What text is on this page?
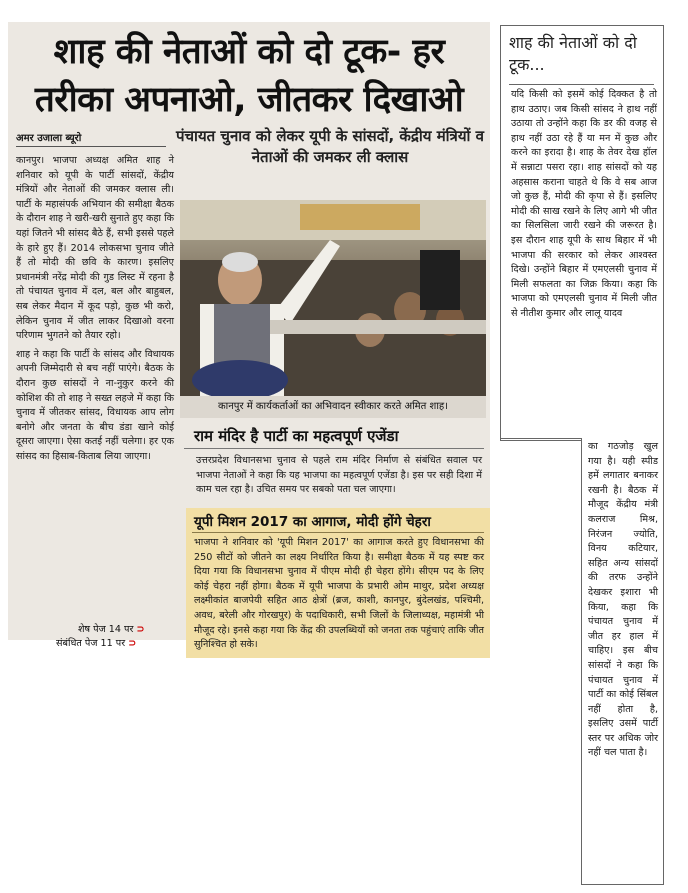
शाह की नेताओं को दो टूक- हर तरीका अपनाओ, जीतकर दिखाओ
अमर उजाला ब्यूरो	पंचायत चुनाव को लेकर यूपी के सांसदों, केंद्रीय मंत्रियों व नेताओं की जमकर ली क्लास

कानपुर। भाजपा अध्यक्ष अमित शाह ने शनिवार को यूपी के पार्टी सांसदों, केंद्रीय मंत्रियों और नेताओं की जमकर क्लास ली। पार्टी के महासंपर्क अभियान की समीक्षा बैठक के दौरान शाह ने खरी-खरी सुनाते हुए कहा कि यहां जितने भी सांसद बैठे हैं, सभी इससे पहले के हारे हुए हैं। 2014 लोकसभा चुनाव जीते हैं तो मोदी की छवि के कारण। इसलिए प्रधानमंत्री नरेंद्र मोदी की गुड लिस्ट में रहना है तो पंचायत चुनाव में दल, बल और बाहुबल, सब लेकर मैदान में कूद पड़ो, कुछ भी करो, लेकिन चुनाव में जीत लाकर दिखाओ वरना परिणाम भुगतने को तैयार रहो।

शाह ने कहा कि पार्टी के सांसद और विधायक अपनी जिम्मेदारी से बच नहीं पाएंगे। बैठक के दौरान कुछ सांसदों ने ना-नुकुर करने की कोशिश की तो शाह ने सख्त लहजे में कहा कि चुनाव में जीतकर सांसद, विधायक आप लोग बनोगे और जनता के बीच डंडा खाने कोई दूसरा जाएगा। ऐसा कतई नहीं चलेगा। हर एक सांसद का हिसाब-किताब लिया जाएगा।

शेष पेज 14 पर ⊃
संबंधित पेज 11 पर ⊃
कानपुर में कार्यकर्ताओं का अभिवादन स्वीकार करते अमित शाह।
राम मंदिर है पार्टी का महत्वपूर्ण एजेंडा

उत्तरप्रदेश विधानसभा चुनाव से पहले राम मंदिर निर्माण से संबंधित सवाल पर भाजपा नेताओं ने कहा कि यह भाजपा का महत्वपूर्ण एजेंडा है। इस पर सही दिशा में काम चल रहा है। उचित समय पर सबको पता चल जाएगा।

यूपी मिशन 2017 का आगाज, मोदी होंगे चेहरा

भाजपा ने शनिवार को 'यूपी मिशन 2017' का आगाज करते हुए विधानसभा की 250 सीटों को जीतने का लक्ष्य निर्धारित किया है। समीक्षा बैठक में यह स्पष्ट कर दिया गया कि विधानसभा चुनाव में पीएम मोदी ही चेहरा होंगे। सीएम पद के लिए कोई चेहरा नहीं होगा। बैठक में यूपी भाजपा के प्रभारी ओम माथुर, प्रदेश अध्यक्ष लक्ष्मीकांत बाजपेयी सहित आठ क्षेत्रों (ब्रज, काशी, कानपुर, बुंदेलखंड, पश्चिमी, अवध, बरेली और गोरखपुर) के पदाधिकारी, सभी जिलों के जिलाध्यक्ष, महामंत्री भी मौजूद रहे। इनसे कहा गया कि केंद्र की उपलब्धियों को जनता तक पहुंचाएं ताकि जीत सुनिश्चित हो सके।

शाह की नेताओं को दो टूक...

यदि किसी को इसमें कोई दिक्कत है तो हाथ उठाए। जब किसी सांसद ने हाथ नहीं उठाया तो उन्होंने कहा कि डर की वजह से हाथ नहीं उठा रहे हैं या मन में कुछ और करने का इरादा है। शाह के तेवर देख हॉल में सन्नाटा पसरा रहा। शाह सांसदों को यह अहसास कराना चाहते थे कि वे सब आज जो कुछ हैं, मोदी की कृपा से हैं। इसलिए मोदी की साख रखने के लिए आगे भी जीत का सिलसिला जारी रखने की जरूरत है। इस दौरान शाह यूपी के साथ बिहार में भी भाजपा की सरकार को लेकर आश्वस्त दिखे। उन्होंने बिहार में एमएलसी चुनाव में मिली सफलता का जिक्र किया। कहा कि भाजपा को एमएलसी चुनाव में मिली जीत से नीतीश कुमार और लालू यादव

का गठजोड़ खुल गया है। यही स्पीड हमें लगातार बनाकर रखनी है। बैठक में मौजूद केंद्रीय मंत्री कलराज मिश्र, निरंजन ज्योति, विनय कटियार, सहित अन्य सांसदों की तरफ उन्होंने देखकर इशारा भी किया, कहा कि पंचायत चुनाव में जीत हर हाल में चाहिए। इस बीच सांसदों ने कहा कि पंचायत चुनाव में पार्टी का कोई सिंबल नहीं होता है, इसलिए उसमें पार्टी स्तर पर अधिक जोर नहीं चल पाता है।
